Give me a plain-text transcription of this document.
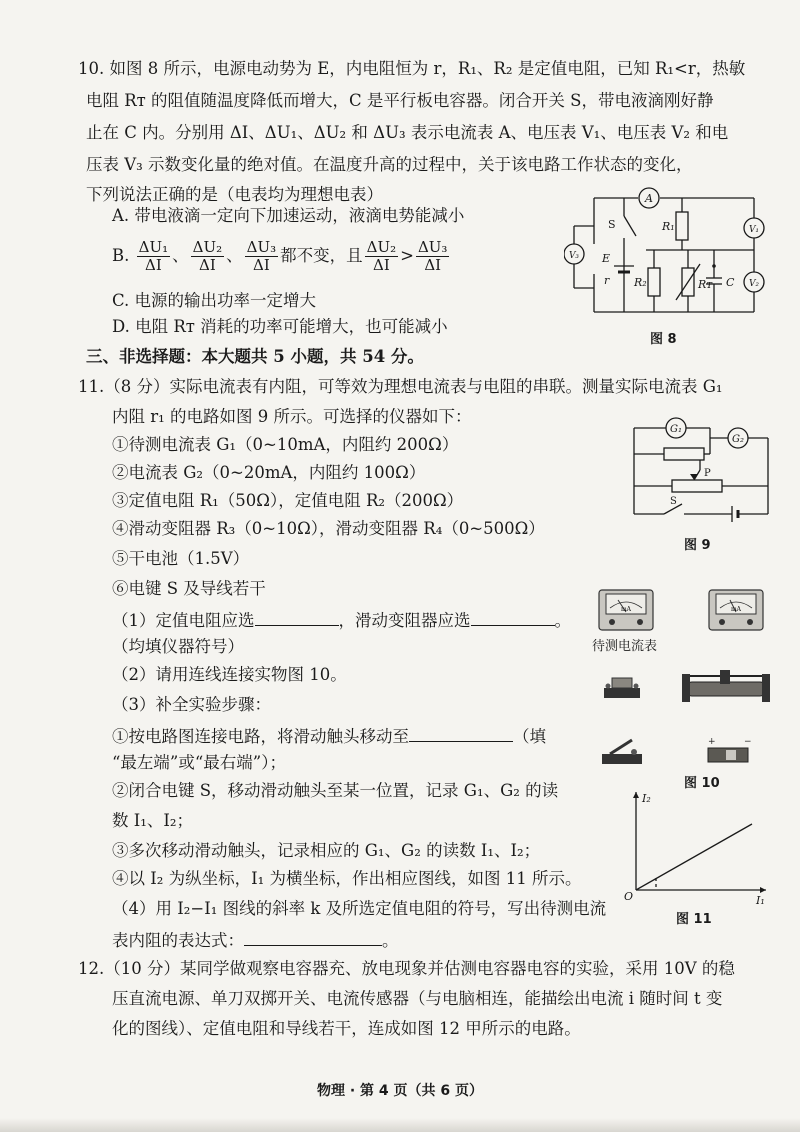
10. 如图 8 所示，电源电动势为 E，内电阻恒为 r，R₁、R₂ 是定值电阻，已知 R₁<r，热敏
电阻 Rᴛ 的阻值随温度降低而增大，C 是平行板电容器。闭合开关 S，带电液滴刚好静
止在 C 内。分别用 ΔI、ΔU₁、ΔU₂ 和 ΔU₃ 表示电流表 A、电压表 V₁、电压表 V₂ 和电
压表 V₃ 示数变化量的绝对值。在温度升高的过程中，关于该电路工作状态的变化，
下列说法正确的是（电表均为理想电表）
A. 带电液滴一定向下加速运动，液滴电势能减小
B. $\frac{\text{ΔU₁}}{\Delta I}$ 、 $\frac{\text{ΔU₂}}{\Delta I}$ 、 $\frac{\text{ΔU₃}}{\Delta I}$ 都不变，且 $\frac{\text{ΔU₂}}{\Delta I} > \frac{\text{ΔU₃}}{\Delta I}$
C. 电源的输出功率一定增大
D. 电阻 Rᴛ 消耗的功率可能增大，也可能减小
A
V₁
V₂
V₃
S	R₁
E
r R₂	Rᴛ C
图 8
三、非选择题：本大题共 5 小题，共 54 分。
11.（8 分）实际电流表有内阻，可等效为理想电流表与电阻的串联。测量实际电流表 G₁
内阻 r₁ 的电路如图 9 所示。可选择的仪器如下：
①待测电流表 G₁（0~10mA，内阻约 200Ω）
②电流表 G₂（0~20mA，内阻约 100Ω）
③定值电阻 R₁（50Ω），定值电阻 R₂（200Ω）
④滑动变阻器 R₃（0~10Ω），滑动变阻器 R₄（0~500Ω）
⑤干电池（1.5V）
⑥电键 S 及导线若干
（1）定值电阻应选	，滑动变阻器应选	。
（均填仪器符号）
（2）请用连线连接实物图 10。
（3）补全实验步骤：
①按电路图连接电路，将滑动触头移动至	（填
“最左端”或“最右端”）；
②闭合电键 S，移动滑动触头至某一位置，记录 G₁、G₂ 的读
数 I₁、I₂；
③多次移动滑动触头，记录相应的 G₁、G₂ 的读数 I₁、I₂；
④以 I₂ 为纵坐标，I₁ 为横坐标，作出相应图线，如图 11 所示。
（4）用 I₂−I₁ 图线的斜率 k 及所选定值电阻的符号，写出待测电流
表内阻的表达式：	。
G₁
G₂
P
S
图 9
mA	mA
待测电流表
+	−
图 10
I₂
I₁
O
图 11
12.（10 分）某同学做观察电容器充、放电现象并估测电容器电容的实验，采用 10V 的稳
压直流电源、单刀双掷开关、电流传感器（与电脑相连，能描绘出电流 i 随时间 t 变
化的图线）、定值电阻和导线若干，连成如图 12 甲所示的电路。
物理 · 第 4 页（共 6 页）
